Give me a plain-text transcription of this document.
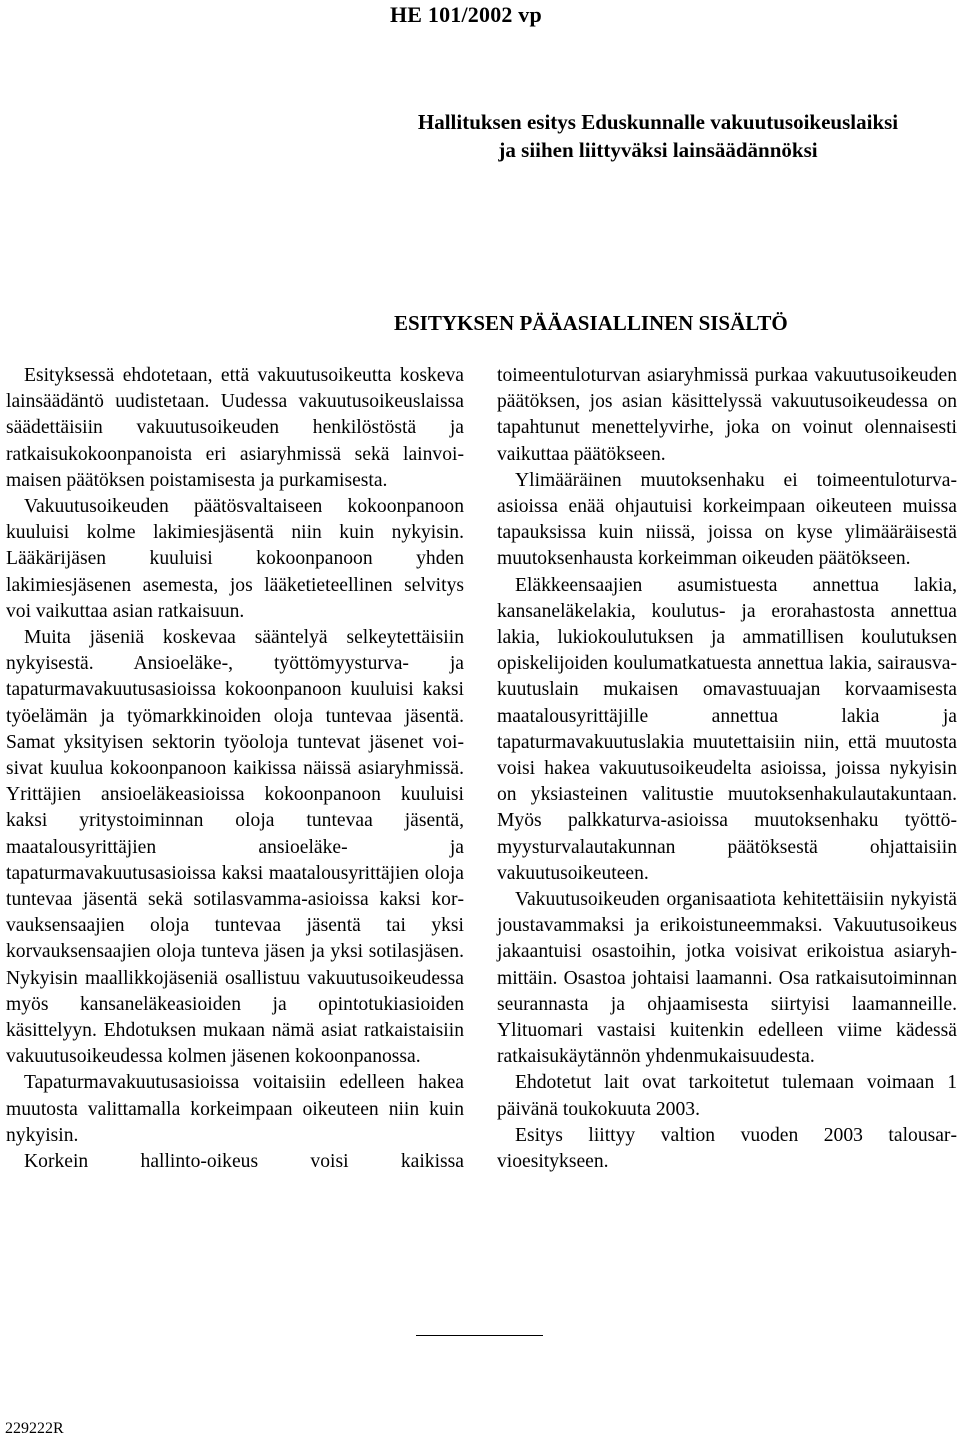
HE 101/2002 vp
Hallituksen esitys Eduskunnalle vakuutusoikeuslaiksi
ja siihen liittyväksi lainsäädännöksi
ESITYKSEN PÄÄASIALLINEN SISÄLTÖ

Esityksessä ehdotetaan, että vakuutusoikeutta koskeva lainsäädäntö uudistetaan. Uudessa vakuutusoikeuslaissa säädettäisiin vakuutusoikeuden henkilöstöstä ja ratkaisukokoonpanoista eri asiaryhmissä sekä lainvoimaisen päätöksen poistamisesta ja purkamisesta.

Vakuutusoikeuden päätösvaltaiseen kokoonpanoon kuuluisi kolme lakimiesjäsentä niin kuin nykyisin. Lääkärijäsen kuuluisi kokoonpanoon yhden lakimiesjäsenen asemesta, jos lääketieteellinen selvitys voi vaikuttaa asian ratkaisuun.

Muita jäseniä koskevaa sääntelyä selkeytettäisiin nykyisestä. Ansioeläke-, työttömyysturva- ja tapaturmavakuutusasioissa kokoonpanoon kuuluisi kaksi työelämän ja työmarkkinoiden oloja tuntevaa jäsentä. Samat yksityisen sektorin työoloja tuntevat jäsenet voisivat kuulua kokoonpanoon kaikissa näissä asiaryhmissä. Yrittäjien ansioeläkeasioissa kokoonpanoon kuuluisi kaksi yritystoiminnan oloja tuntevaa jäsentä, maatalousyrittäjien ansioeläke- ja tapaturmavakuutusasioissa kaksi maatalousyrittäjien oloja tuntevaa jäsentä sekä sotilasvamma-asioissa kaksi korvauksensaajien oloja tuntevaa jäsentä tai yksi korvauksensaajien oloja tunteva jäsen ja yksi sotilasjäsen. Nykyisin maallikkojäseniä osallistuu vakuutusoikeudessa myös kansaneläkeasioiden ja opintotukiasioiden käsittelyyn. Ehdotuksen mukaan nämä asiat ratkaistaisiin vakuutusoikeudessa kolmen jäsenen kokoonpanossa.

Tapaturmavakuutusasioissa voitaisiin edelleen hakea muutosta valittamalla korkeimpaan oikeuteen niin kuin nykyisin.

Korkein hallinto-oikeus voisi kaikissa

toimeentuloturvan asiaryhmissä purkaa vakuutusoikeuden päätöksen, jos asian käsittelyssä vakuutusoikeudessa on tapahtunut menettelyvirhe, joka on voinut olennaisesti vaikuttaa päätökseen.

Ylimääräinen muutoksenhaku ei toimeentuloturva-asioissa enää ohjautuisi korkeimpaan oikeuteen muissa tapauksissa kuin niissä, joissa on kyse ylimääräisestä muutoksenhausta korkeimman oikeuden päätökseen.

Eläkkeensaajien asumistuesta annettua lakia, kansaneläkelakia, koulutus- ja erorahastosta annettua lakia, lukiokoulutuksen ja ammatillisen koulutuksen opiskelijoiden koulumatkatuesta annettua lakia, sairausvakuutuslain mukaisen omavastuuajan korvaamisesta maatalousyrittäjille annettua lakia ja tapaturmavakuutuslakia muutettaisiin niin, että muutosta voisi hakea vakuutusoikeudelta asioissa, joissa nykyisin on yksiasteinen valitustie muutoksenhakulautakuntaan. Myös palkkaturva-asioissa muutoksenhaku työttömyysturvalautakunnan päätöksestä ohjattaisiin vakuutusoikeuteen.

Vakuutusoikeuden organisaatiota kehitettäisiin nykyistä joustavammaksi ja erikoistuneemmaksi. Vakuutusoikeus jakaantuisi osastoihin, jotka voisivat erikoistua asiaryhmittäin. Osastoa johtaisi laamanni. Osa ratkaisutoiminnan seurannasta ja ohjaamisesta siirtyisi laamanneille. Ylituomari vastaisi kuitenkin edelleen viime kädessä ratkaisukäytännön yhdenmukaisuudesta.

Ehdotetut lait ovat tarkoitetut tulemaan voimaan 1 päivänä toukokuuta 2003.

Esitys liittyy valtion vuoden 2003 talousarvioesitykseen.

229222R
